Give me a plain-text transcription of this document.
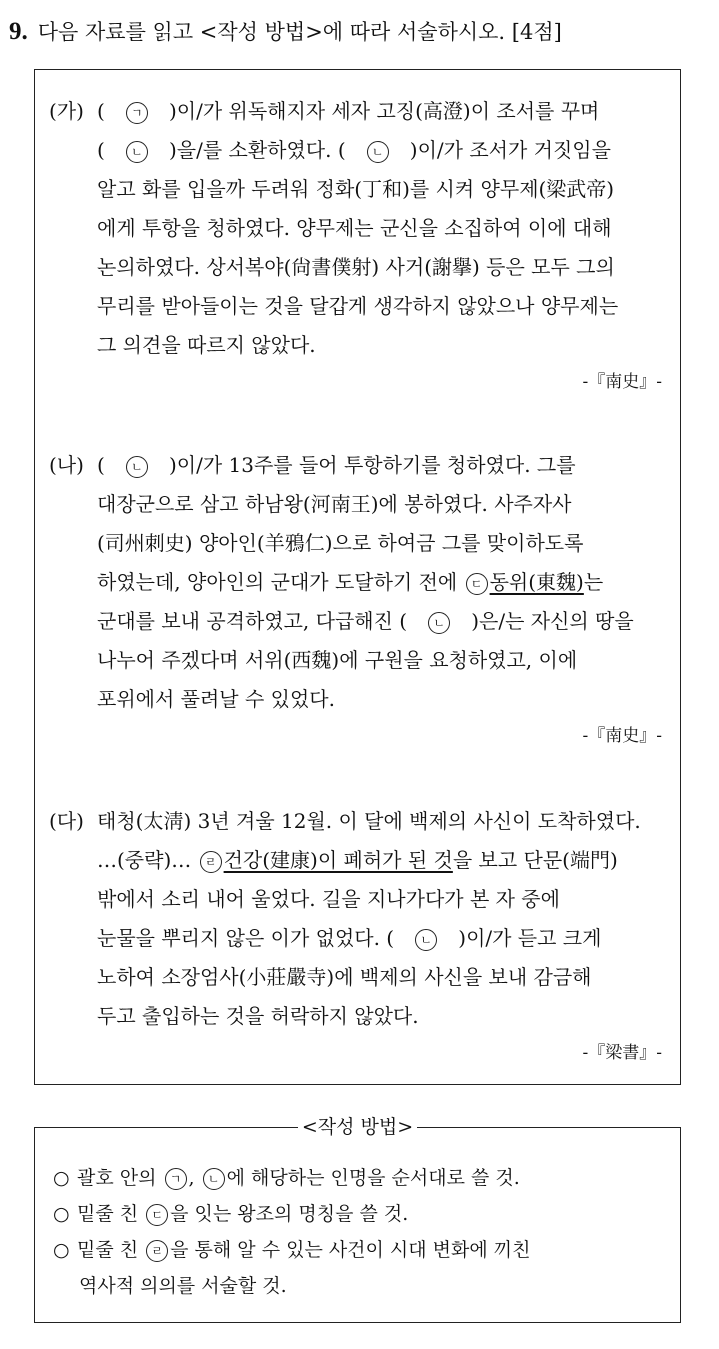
9. 다음 자료를 읽고 <작성 방법>에 따라 서술하시오. [4점]
(가) ( ㄱ )이/가 위독해지자 세자 고징(高澄)이 조서를 꾸며
( ㄴ )을/를 소환하였다. ( ㄴ )이/가 조서가 거짓임을
알고 화를 입을까 두려워 정화(丁和)를 시켜 양무제(梁武帝)
에게 투항을 청하였다. 양무제는 군신을 소집하여 이에 대해
논의하였다. 상서복야(尙書僕射) 사거(謝擧) 등은 모두 그의
무리를 받아들이는 것을 달갑게 생각하지 않았으나 양무제는
그 의견을 따르지 않았다.
-『南史』-
(나) ( ㄴ )이/가 13주를 들어 투항하기를 청하였다. 그를
대장군으로 삼고 하남왕(河南王)에 봉하였다. 사주자사
(司州刺史) 양아인(羊鴉仁)으로 하여금 그를 맞이하도록
하였는데, 양아인의 군대가 도달하기 전에 ㄷ 동위(東魏)는
군대를 보내 공격하였고, 다급해진 ( ㄴ )은/는 자신의 땅을
나누어 주겠다며 서위(西魏)에 구원을 요청하였고, 이에
포위에서 풀려날 수 있었다.
-『南史』-
(다) 태청(太淸) 3년 겨울 12월. 이 달에 백제의 사신이 도착하였다.
…(중략)… ㄹ 건강(建康)이 폐허가 된 것을 보고 단문(端門)
밖에서 소리 내어 울었다. 길을 지나가다가 본 자 중에
눈물을 뿌리지 않은 이가 없었다. ( ㄴ )이/가 듣고 크게
노하여 소장엄사(小莊嚴寺)에 백제의 사신을 보내 감금해
두고 출입하는 것을 허락하지 않았다.
-『梁書』-
<작성 방법>
○ 괄호 안의 ㄱ , ㄴ 에 해당하는 인명을 순서대로 쓸 것.
○ 밑줄 친 ㄷ 을 잇는 왕조의 명칭을 쓸 것.
○ 밑줄 친 ㄹ 을 통해 알 수 있는 사건이 시대 변화에 끼친
역사적 의의를 서술할 것.
